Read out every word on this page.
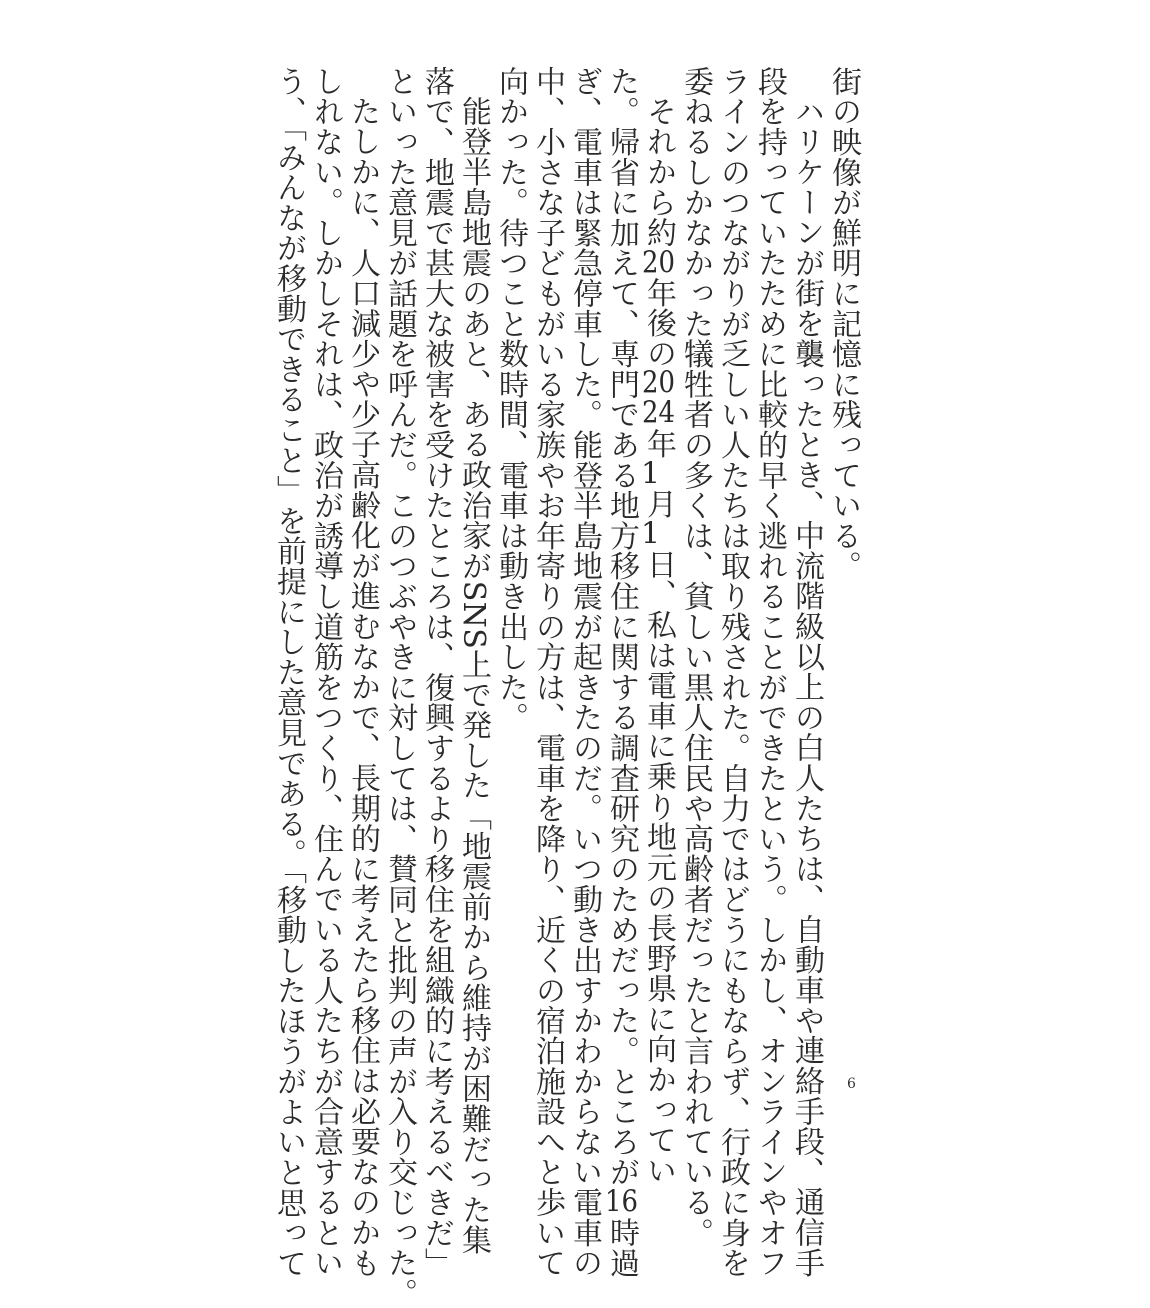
街の映像が鮮明に記憶に残っている。

ハリケーンが街を襲ったとき、中流階級以上の白人たちは、自動車や連絡手段、通信手

段を持っていたために比較的早く逃れることができたという。しかし、オンラインやオフ

ラインのつながりが乏しい人たちは取り残された。自力ではどうにもならず、行政に身を

委ねるしかなかった犠牲者の多くは、貧しい黒人住民や高齢者だったと言われている。

それから約20年後の2024年1月1日、私は電車に乗り地元の長野県に向かってい

た。帰省に加えて、専門である地方移住に関する調査研究のためだった。ところが16時過

ぎ、電車は緊急停車した。能登半島地震が起きたのだ。いつ動き出すかわからない電車の

中、小さな子どもがいる家族やお年寄りの方は、電車を降り、近くの宿泊施設へと歩いて

向かった。待つこと数時間、電車は動き出した。

能登半島地震のあと、ある政治家がSNS上で発した「地震前から維持が困難だった集

落で、地震で甚大な被害を受けたところは、復興するより移住を組織的に考えるべきだ」

といった意見が話題を呼んだ。このつぶやきに対しては、賛同と批判の声が入り交じった。

たしかに、人口減少や少子高齢化が進むなかで、長期的に考えたら移住は必要なのかも

しれない。しかしそれは、政治が誘導し道筋をつくり、住んでいる人たちが合意するとい

う、「みんなが移動できること」を前提にした意見である。「移動したほうがよいと思って	6
